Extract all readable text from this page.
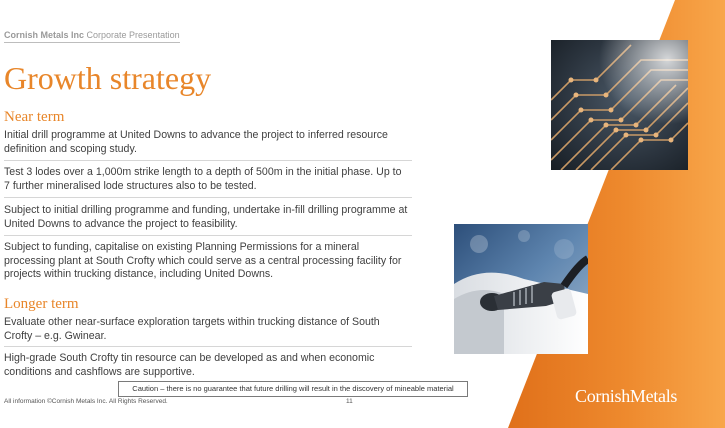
Cornish Metals Inc Corporate Presentation
Growth strategy
Near term
Initial drill programme at United Downs to advance the project to inferred resource definition and scoping study.
Test 3 lodes over a 1,000m strike length to a depth of 500m in the initial phase. Up to 7 further mineralised lode structures also to be tested.
Subject to initial drilling programme and funding, undertake in-fill drilling programme at United Downs to advance the project to feasibility.
Subject to funding, capitalise on existing Planning Permissions for a mineral processing plant at South Crofty which could serve as a central processing facility for projects within trucking distance, including United Downs.
Longer term
Evaluate other near-surface exploration targets within trucking distance of South Crofty – e.g. Gwinear.
High-grade South Crofty tin resource can be developed as and when economic conditions and cashflows are supportive.
Caution – there is no guarantee that future drilling will result in the discovery of mineable material
All information ©Cornish Metals Inc. All Rights Reserved.	11	CornishMetals
